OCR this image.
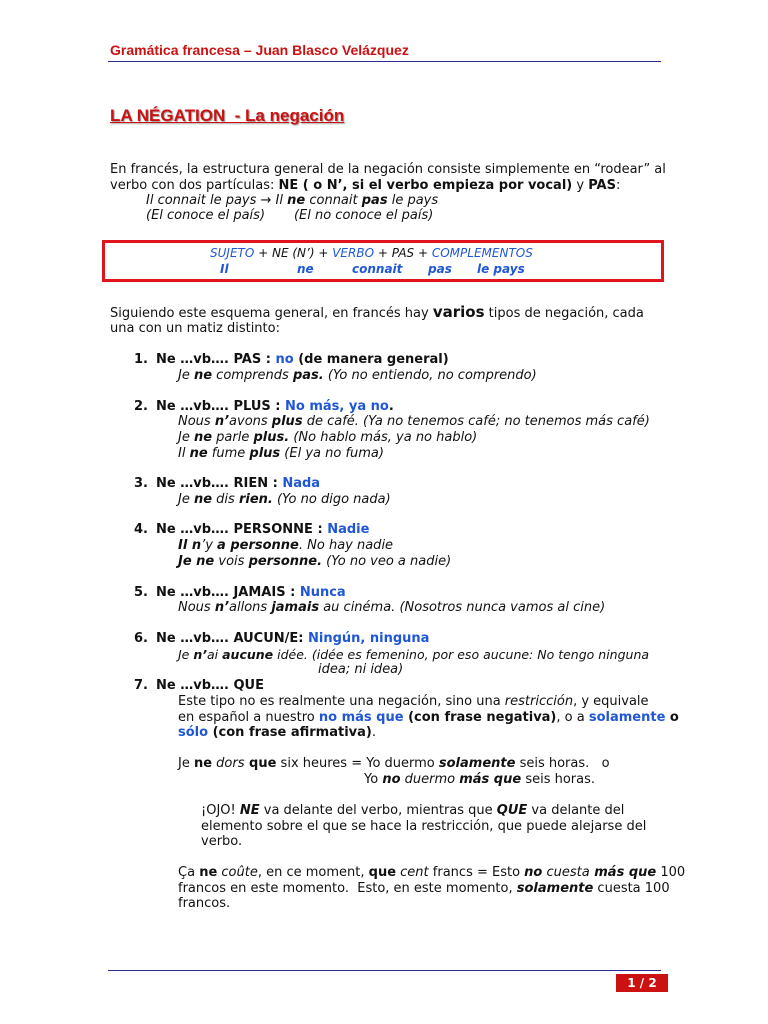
Gramática francesa – Juan Blasco Velázquez
LA NÉGATION  - La negación
En francés, la estructura general de la negación consiste simplemente en “rodear” al
verbo con dos partículas: NE ( o N’, si el verbo empieza por vocal) y PAS:
Il connait le pays → Il ne connait pas le pays
(El conoce el país)       (El no conoce el país)
SUJETO + NE (N’) + VERBO + PAS + COMPLEMENTOS
Il	ne	connait pas le pays
Siguiendo este esquema general, en francés hay varios tipos de negación, cada
una con un matiz distinto:
1. Ne …vb…. PAS : no (de manera general)
Je ne comprends pas. (Yo no entiendo, no comprendo)
2. Ne …vb…. PLUS : No más, ya no.
Nous n’avons plus de café. (Ya no tenemos café; no tenemos más café)
Je ne parle plus. (No hablo más, ya no hablo)
Il ne fume plus (El ya no fuma)
3. Ne …vb…. RIEN : Nada
Je ne dis rien. (Yo no digo nada)
4. Ne …vb…. PERSONNE : Nadie
Il n’y a personne. No hay nadie
Je ne vois personne. (Yo no veo a nadie)
5. Ne …vb…. JAMAIS : Nunca
Nous n’allons jamais au cinéma. (Nosotros nunca vamos al cine)
6. Ne …vb…. AUCUN/E: Ningún, ninguna
Je n’ai aucune idée. (idée es femenino, por eso aucune: No tengo ninguna
idea; ni idea)
7. Ne …vb…. QUE
Este tipo no es realmente una negación, sino una restricción, y equivale
en español a nuestro no más que (con frase negativa), o a solamente o
sólo (con frase afirmativa).
Je ne dors que six heures = Yo duermo solamente seis horas.   o
Yo no duermo más que seis horas.
¡OJO! NE va delante del verbo, mientras que QUE va delante del
elemento sobre el que se hace la restricción, que puede alejarse del
verbo.
Ça ne coûte, en ce moment, que cent francs = Esto no cuesta más que 100
francos en este momento.  Esto, en este momento, solamente cuesta 100
francos.
1 / 2
